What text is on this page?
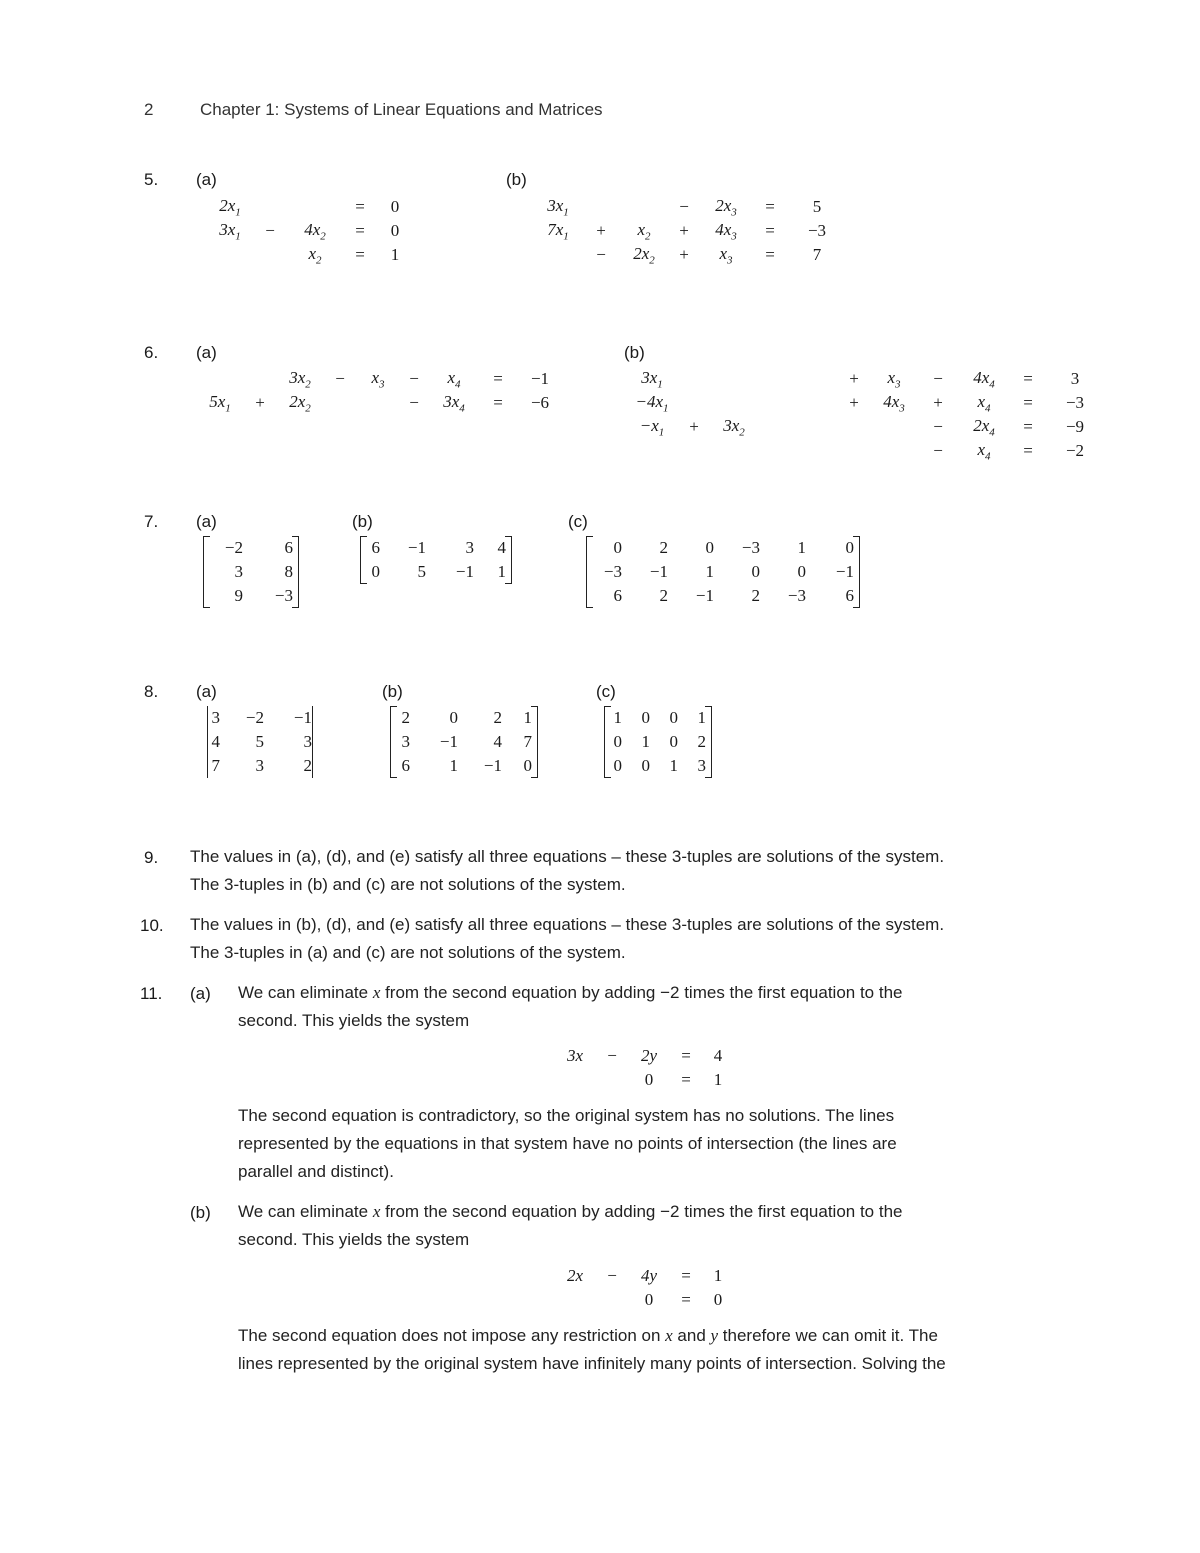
2	Chapter 1: Systems of Linear Equations and Matrices
5. (a)	(b)
$2x_1$			=	0
$3x_1$	−	$4x_2$	=	0
		$x_2$	=	1
$3x_1$			−	$2x_3$	=	5
$7x_1$	+	$x_2$	+	$4x_3$	=	−3
	−	$2x_2$	+	$x_3$	=	7
6. (a)	(b)
		$3x_2$	−	$x_3$	−	$x_4$	=	−1
$5x_1$	+	$2x_2$			−	$3x_4$	=	−6
$3x_1$					+	$x_3$	−	$4x_4$	=	3
$-4x_1$					+	$4x_3$	+	$x_4$	=	−3
$-x_1$	+	$3x_2$					−	$2x_4$	=	−9
							−	$x_4$	=	−2
7. (a)	(b)	(c)
−2	6
3	8
9	−3
6	−1	3	4
0	5	−1	1
0	2	0	−3	1	0
−3	−1	1	0	0	−1
6	2	−1	2	−3	6
8. (a)	(b)	(c)
3	−2	−1
4	5	3
7	3	2
2	0	2	1
3	−1	4	7
6	1	−1	0
1	0	0	1
0	1	0	2
0	0	1	3
9. The values in (a), (d), and (e) satisfy all three equations – these 3-tuples are solutions of the system.
The 3-tuples in (b) and (c) are not solutions of the system.
10. The values in (b), (d), and (e) satisfy all three equations – these 3-tuples are solutions of the system.
The 3-tuples in (a) and (c) are not solutions of the system.
11. (a) We can eliminate x from the second equation by adding −2 times the first equation to the
second. This yields the system
3x	−	2y	=	4
		0	=	1
The second equation is contradictory, so the original system has no solutions. The lines
represented by the equations in that system have no points of intersection (the lines are
parallel and distinct).
(b) We can eliminate x from the second equation by adding −2 times the first equation to the
second. This yields the system
2x	−	4y	=	1
		0	=	0
The second equation does not impose any restriction on x and y therefore we can omit it. The
lines represented by the original system have infinitely many points of intersection. Solving the
